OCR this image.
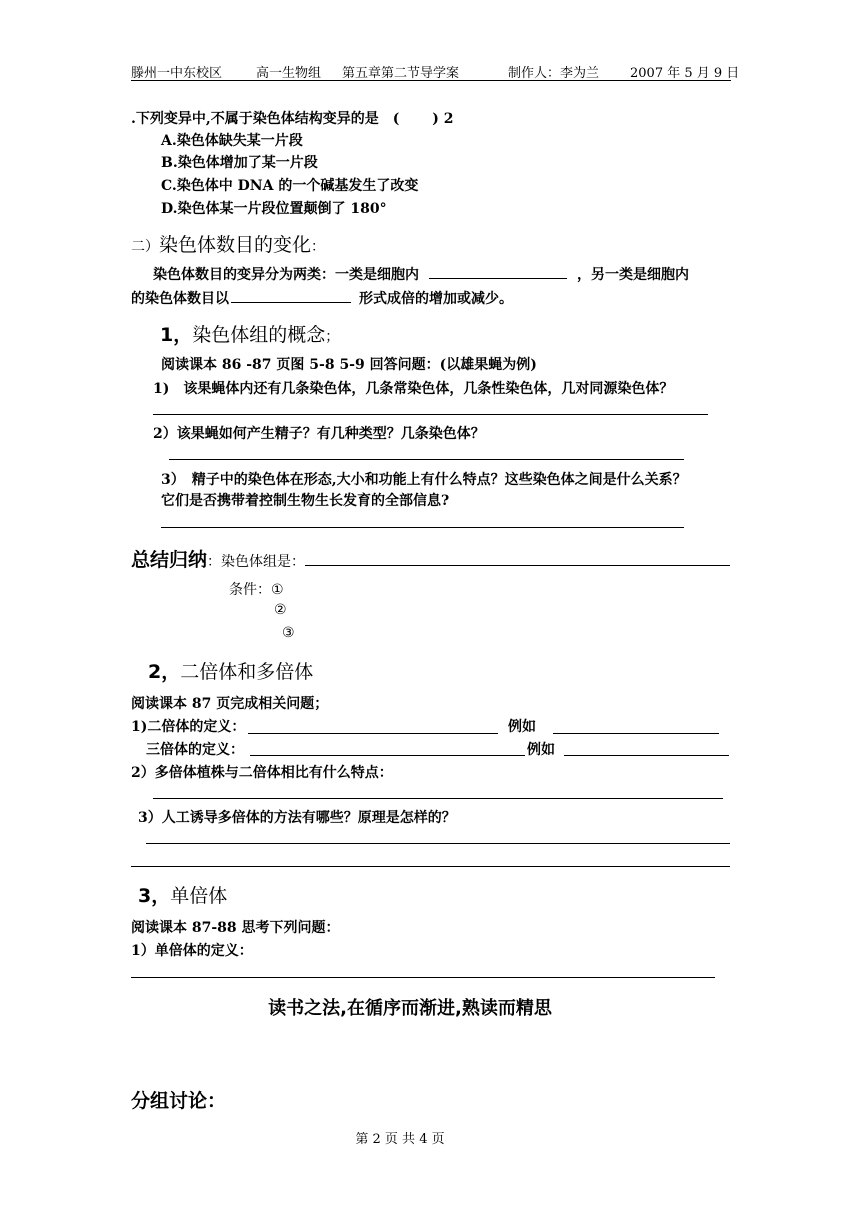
滕州一中东校区	高一生物组 第五章第二节导学案	制作人：李为兰 2007 年 5 月 9 日
.下列变异中,不属于染色体结构变异的是　(　　 ) 2
A.染色体缺失某一片段
B.染色体增加了某一片段
C.染色体中 DNA 的一个碱基发生了改变
D.染色体某一片段位置颠倒了 180°
二）染色体数目的变化：
染色体数目的变异分为两类：一类是细胞内	，另一类是细胞内
的染色体数目以	形式成倍的增加或减少。
1，染色体组的概念；
阅读课本 86 -87 页图 5-8 5-9 回答问题：(以雄果蝇为例)
1)　该果蝇体内还有几条染色体，几条常染色体，几条性染色体，几对同源染色体？
2）该果蝇如何产生精子？有几种类型？几条染色体？
3）　精子中的染色体在形态,大小和功能上有什么特点？这些染色体之间是什么关系？
它们是否携带着控制生物生长发育的全部信息?
总结归纳：染色体组是：
条件：①
②
③
2，二倍体和多倍体
阅读课本 87 页完成相关问题；
1)二倍体的定义：	例如
三倍体的定义：	例如
2）多倍体植株与二倍体相比有什么特点：
3）人工诱导多倍体的方法有哪些？原理是怎样的？
3，单倍体
阅读课本 87-88 思考下列问题：
1）单倍体的定义：
读书之法,在循序而渐进,熟读而精思
分组讨论：
第 2 页 共 4 页
